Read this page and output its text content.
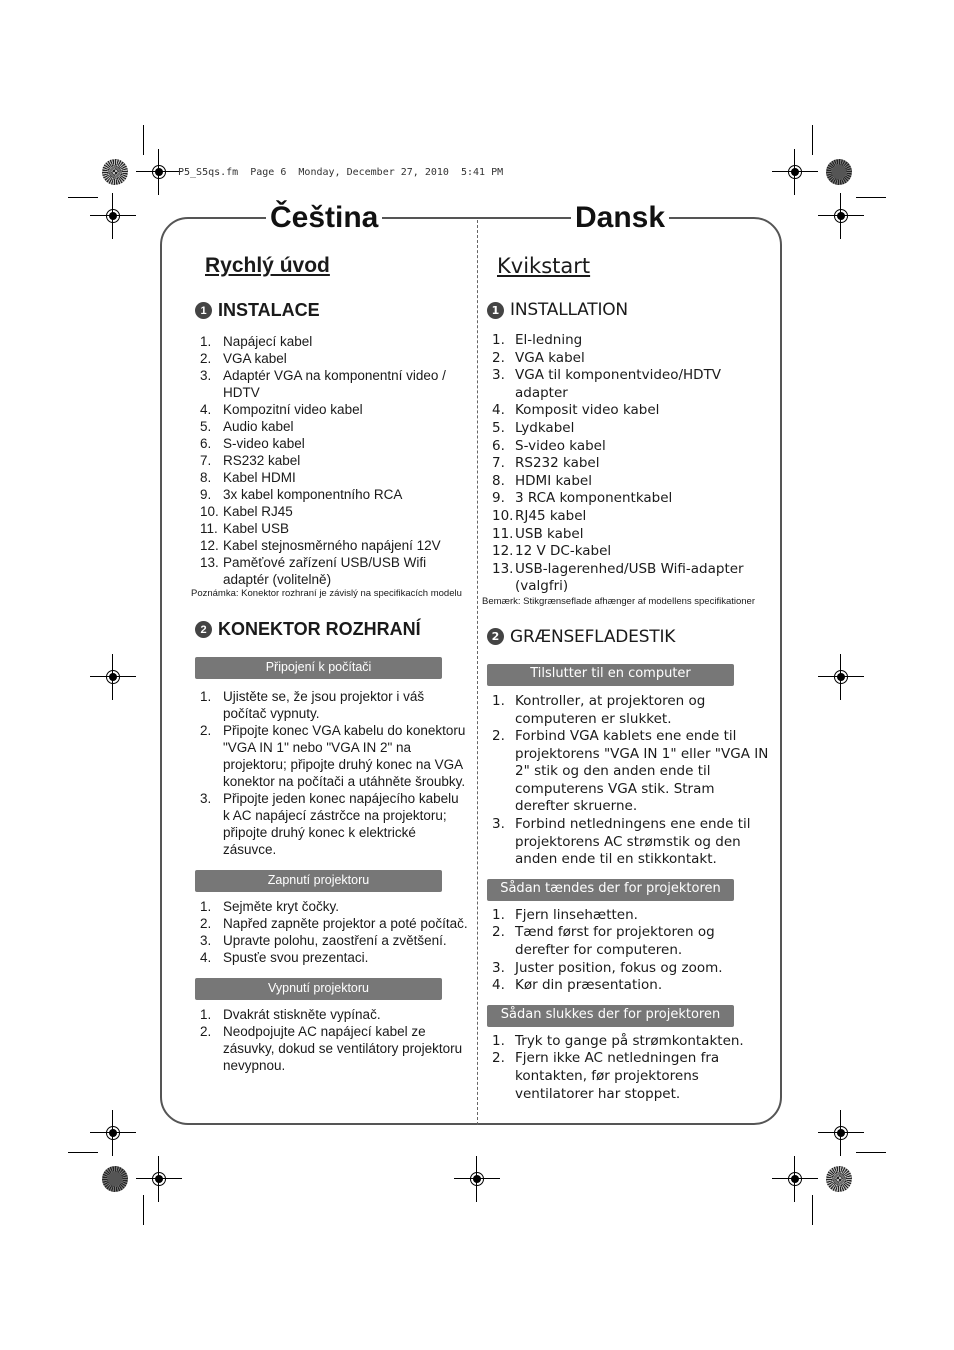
P5_S5qs.fm  Page 6  Monday, December 27, 2010  5:41 PM
Čeština	Dansk
Rychlý úvod
1 INSTALACE
1. Napájecí kabel
2. VGA kabel
3. Adaptér VGA na komponentní video / HDTV
4. Kompozitní video kabel
5. Audio kabel
6. S-video kabel
7. RS232 kabel
8. Kabel HDMI
9. 3x kabel komponentního RCA
10. Kabel RJ45
11. Kabel USB
12. Kabel stejnosměrného napájení 12V
13. Paměťové zařízení USB/USB Wifi adaptér (volitelně)
Poznámka: Konektor rozhraní je závislý na specifikacích modelu
2 KONEKTOR ROZHRANÍ
Připojení k počítači
1. Ujistěte se, že jsou projektor i váš počítač vypnuty.
2. Připojte konec VGA kabelu do konektoru "VGA IN 1" nebo "VGA IN 2" na projektoru; připojte druhý konec na VGA konektor na počítači a utáhněte šroubky.
3. Připojte jeden konec napájecího kabelu k AC napájecí zástrčce na projektoru; připojte druhý konec k elektrické zásuvce.
Zapnutí projektoru
1. Sejměte kryt čočky.
2. Napřed zapněte projektor a poté počítač.
3. Upravte polohu, zaostření a zvětšení.
4. Spusťe svou prezentaci.
Vypnutí projektoru
1. Dvakrát stiskněte vypínač.
2. Neodpojujte AC napájecí kabel ze zásuvky, dokud se ventilátory projektoru nevypnou.
Kvikstart
1 INSTALLATION
1. El-ledning
2. VGA kabel
3. VGA til komponentvideo/HDTV adapter
4. Komposit video kabel
5. Lydkabel
6. S-video kabel
7. RS232 kabel
8. HDMI kabel
9. 3 RCA komponentkabel
10. RJ45 kabel
11. USB kabel
12. 12 V DC-kabel
13. USB-lagerenhed/USB Wifi-adapter (valgfri)
Bemærk: Stikgrænseflade afhænger af modellens specifikationer
2 GRÆNSEFLADESTIK
Tilslutter til en computer
1. Kontroller, at projektoren og computeren er slukket.
2. Forbind VGA kablets ene ende til projektorens "VGA IN 1" eller "VGA IN 2" stik og den anden ende til computerens VGA stik. Stram derefter skruerne.
3. Forbind netledningens ene ende til projektorens AC strømstik og den anden ende til en stikkontakt.
Sådan tændes der for projektoren
1. Fjern linsehætten.
2. Tænd først for projektoren og derefter for computeren.
3. Juster position, fokus og zoom.
4. Kør din præsentation.
Sådan slukkes der for projektoren
1. Tryk to gange på strømkontakten.
2. Fjern ikke AC netledningen fra kontakten, før projektorens ventilatorer har stoppet.
